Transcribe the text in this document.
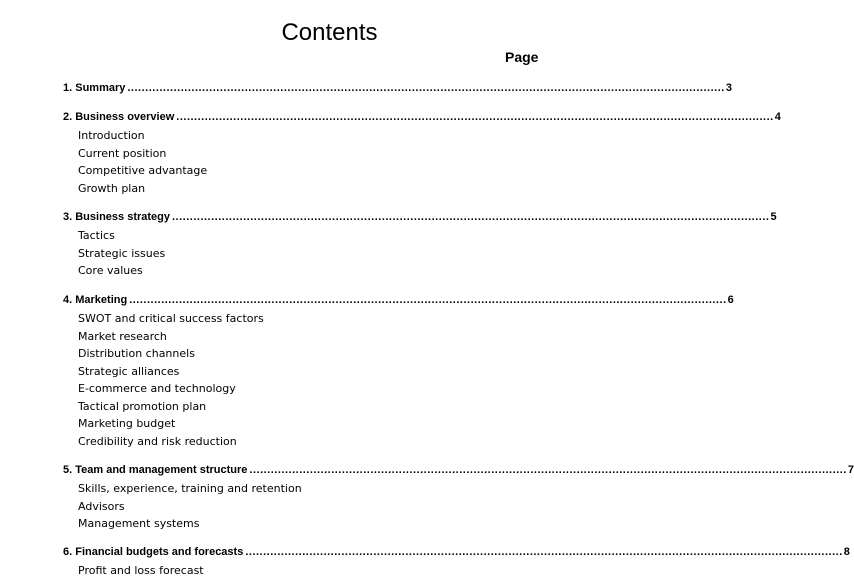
Contents
Page
1. Summary ........................................................................................................................................................................ 3
2. Business overview ........................................................................................................................................................................ 4
Introduction
Current position
Competitive advantage
Growth plan
3. Business strategy ........................................................................................................................................................................ 5
Tactics
Strategic issues
Core values
4. Marketing ........................................................................................................................................................................ 6
SWOT and critical success factors
Market research
Distribution channels
Strategic alliances
E-commerce and technology
Tactical promotion plan
Marketing budget
Credibility and risk reduction
5. Team and management structure ........................................................................................................................................................................ 7
Skills, experience, training and retention
Advisors
Management systems
6. Financial budgets and forecasts ........................................................................................................................................................................ 8
Profit and loss forecast
